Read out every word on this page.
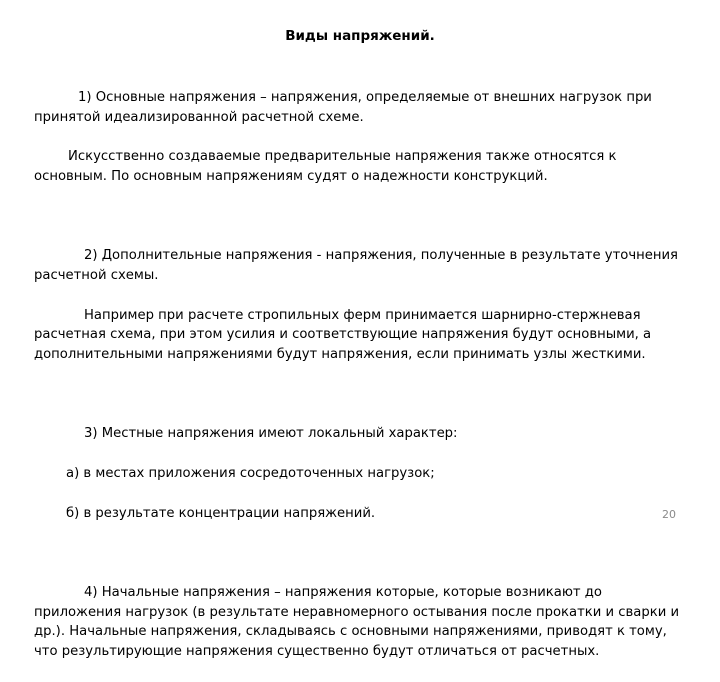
Виды напряжений.

1) Основные напряжения – напряжения, определяемые от внешних нагрузок при принятой идеализированной расчетной схеме.

Искусственно создаваемые предварительные напряжения также относятся к основным. По основным напряжениям судят о надежности конструкций.

2) Дополнительные напряжения - напряжения, полученные в результате уточнения расчетной схемы.

Например при расчете стропильных ферм принимается шарнирно-стержневая расчетная схема, при этом усилия и соответствующие напряжения будут основными, а дополнительными напряжениями будут напряжения, если принимать узлы жесткими.

3) Местные напряжения имеют локальный характер:

а) в местах приложения сосредоточенных нагрузок;

б) в результате концентрации напряжений.

4) Начальные напряжения – напряжения которые, которые возникают до приложения нагрузок (в результате неравномерного остывания после прокатки и сварки и др.). Начальные напряжения, складываясь с основными напряжениями, приводят к тому, что результирующие напряжения существенно будут отличаться от расчетных.

20
